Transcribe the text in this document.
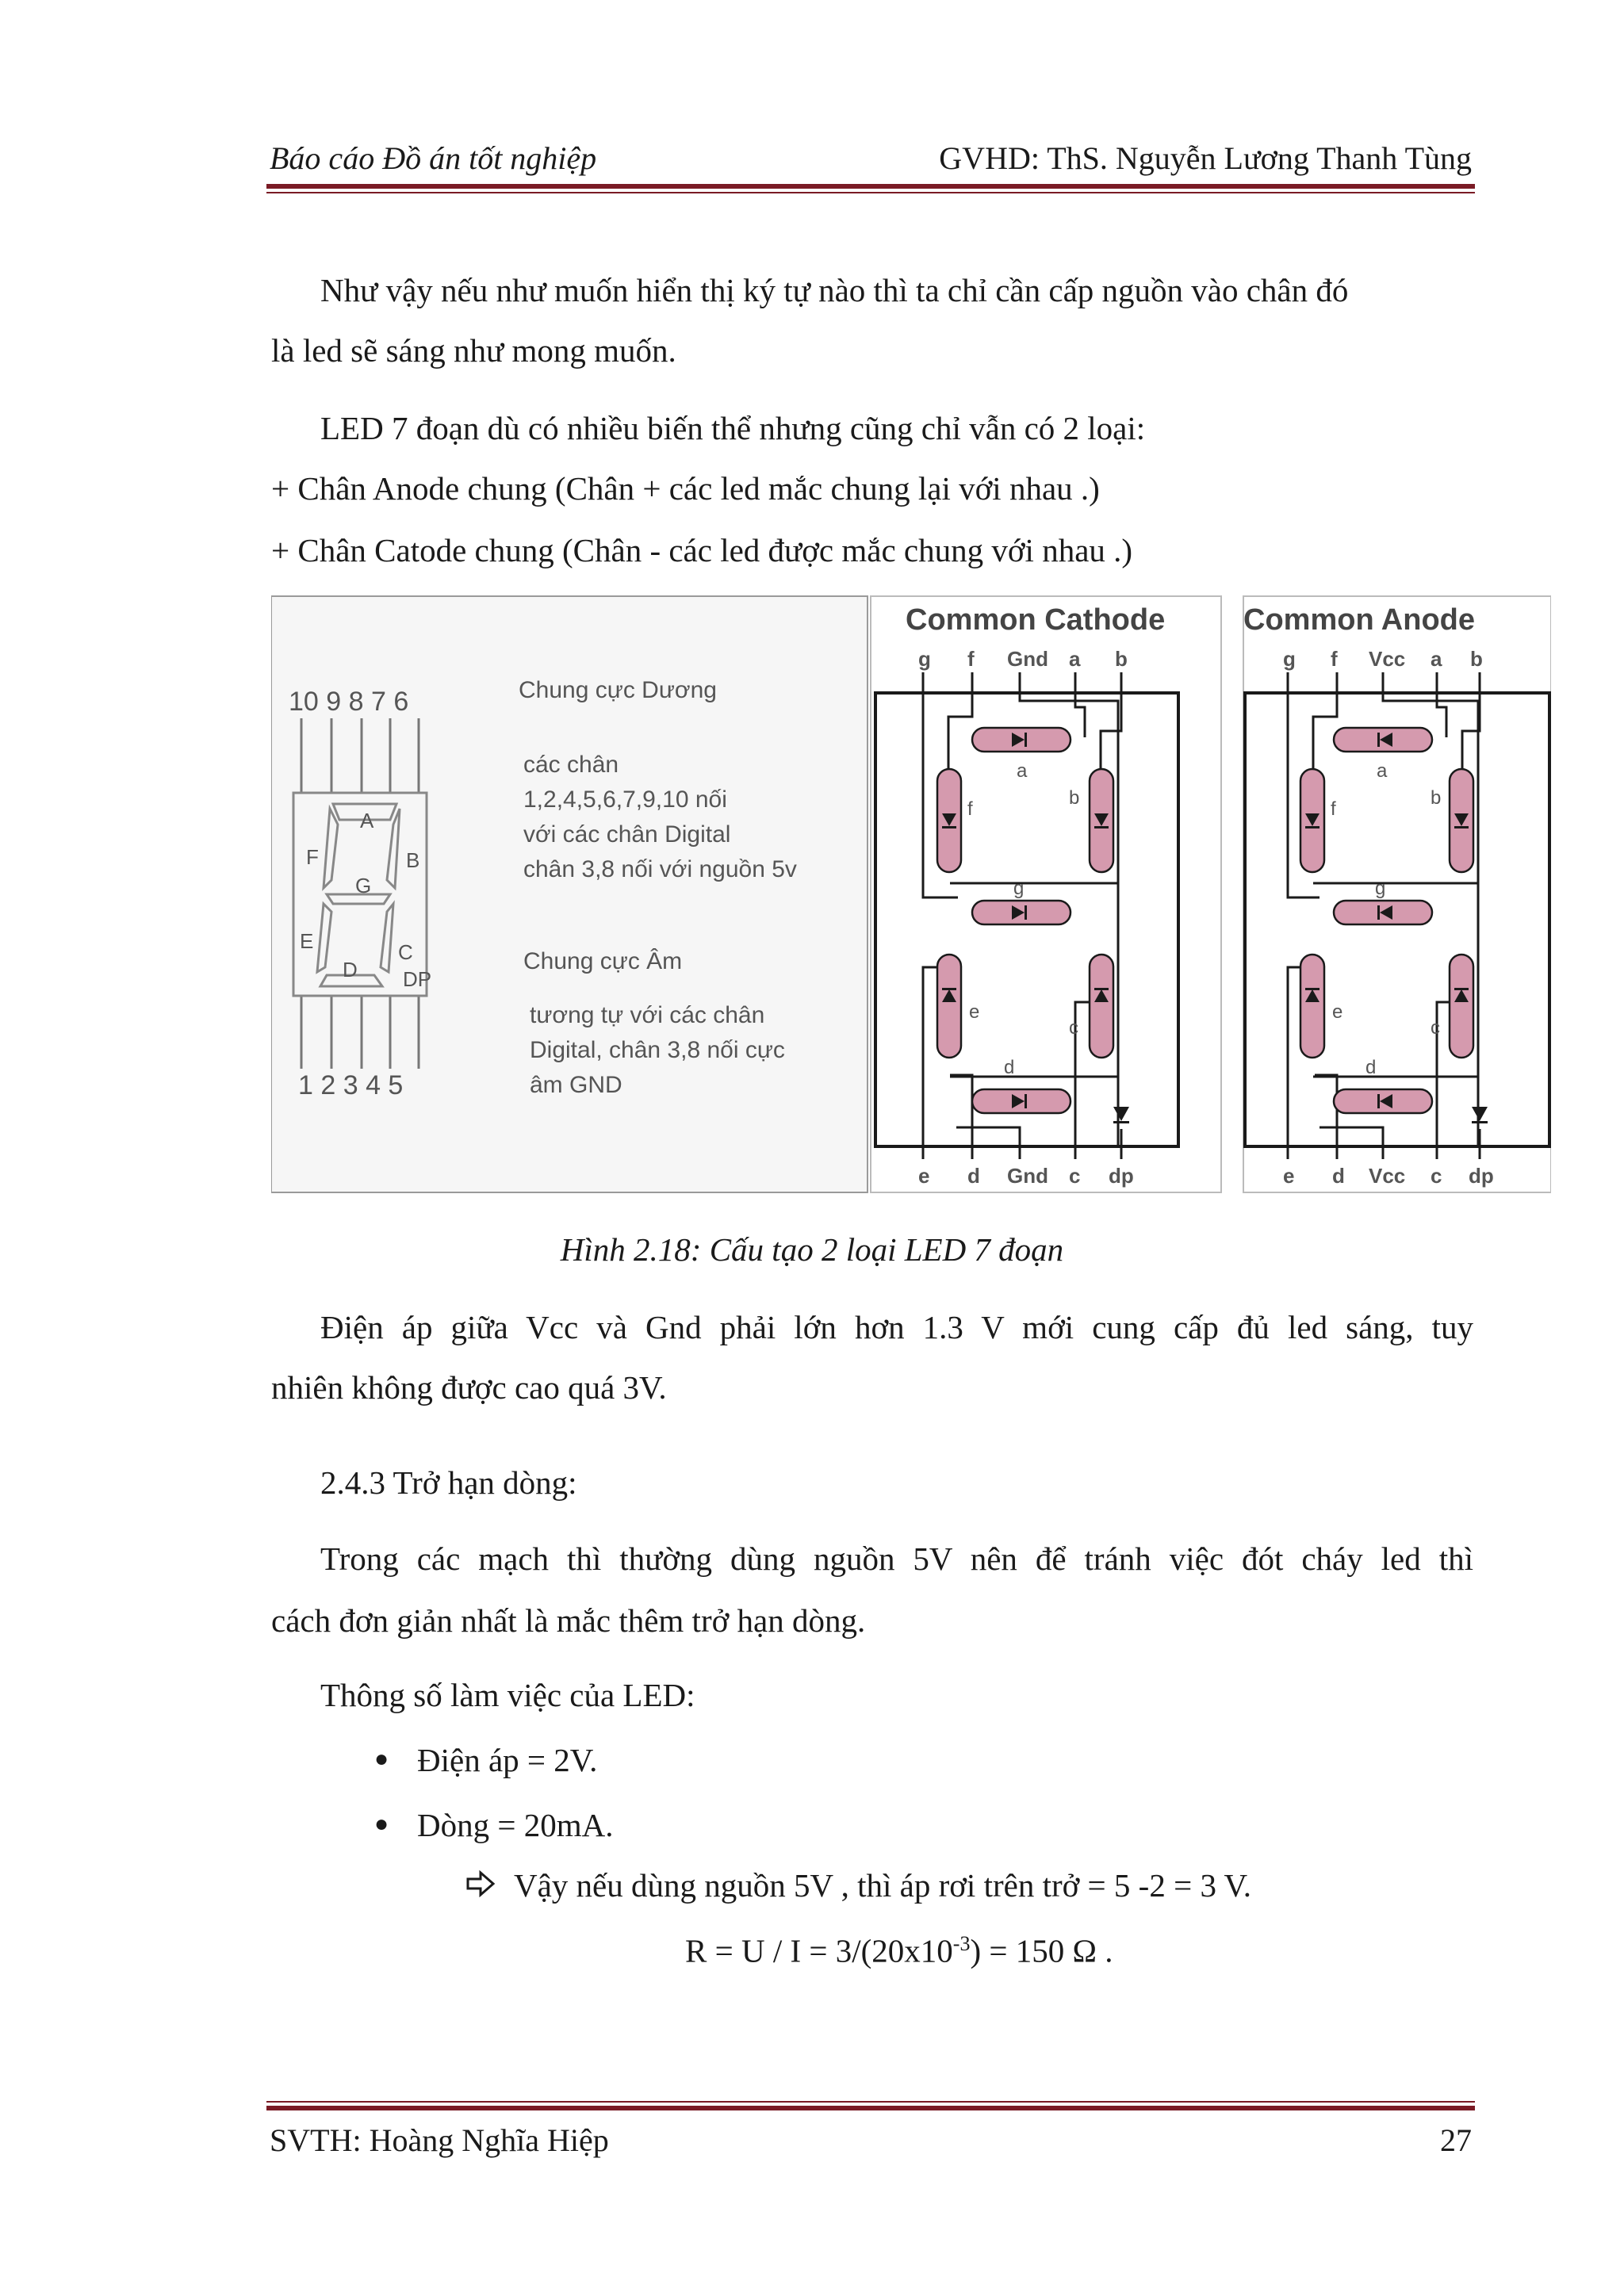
Báo cáo Đồ án tốt nghiệp	GVHD: ThS. Nguyễn Lương Thanh Tùng
Như vậy nếu như muốn hiển thị ký tự nào thì ta chỉ cần cấp nguồn vào chân đó
là led sẽ sáng như mong muốn.
LED 7 đoạn dù có nhiều biến thể nhưng cũng chỉ vẫn có 2 loại:
+ Chân Anode chung (Chân + các led mắc chung lại với nhau .)
+ Chân Catode chung (Chân - các led được mắc chung với nhau .)
10 9 8 7 6
1 2 3 4 5
A
B
C
D
E
F
G
DP
Chung cực Dương
các chân
1,2,4,5,6,7,9,10 nối
với các chân Digital
chân 3,8 nối với nguồn 5v
Chung cực Âm
tương tự với các chân
Digital, chân 3,8 nối cực
âm GND
Common Cathode
g f Gnd a b
e d Gnd c dp
a
b
c
d
e
f
g
Common Anode
g f Vcc a b
e d Vcc c dp
a
b
c
d
e
f
g
Hình 2.18: Cấu tạo 2 loại LED 7 đoạn
Điện áp giữa Vcc và Gnd phải lớn hơn 1.3 V mới cung cấp đủ led sáng, tuy
nhiên không được cao quá 3V.
2.4.3 Trở hạn dòng:
Trong các mạch thì thường dùng nguồn 5V nên để tránh việc đót cháy led thì
cách đơn giản nhất là mắc thêm trở hạn dòng.
Thông số làm việc của LED:
● Điện áp = 2V.
● Dòng = 20mA.
Vậy nếu dùng nguồn 5V , thì áp rơi trên trở = 5 -2 = 3 V.
$R = U / I = 3/(20x10^{-3}) = 150$ Ω .
SVTH: Hoàng Nghĩa Hiệp	27
